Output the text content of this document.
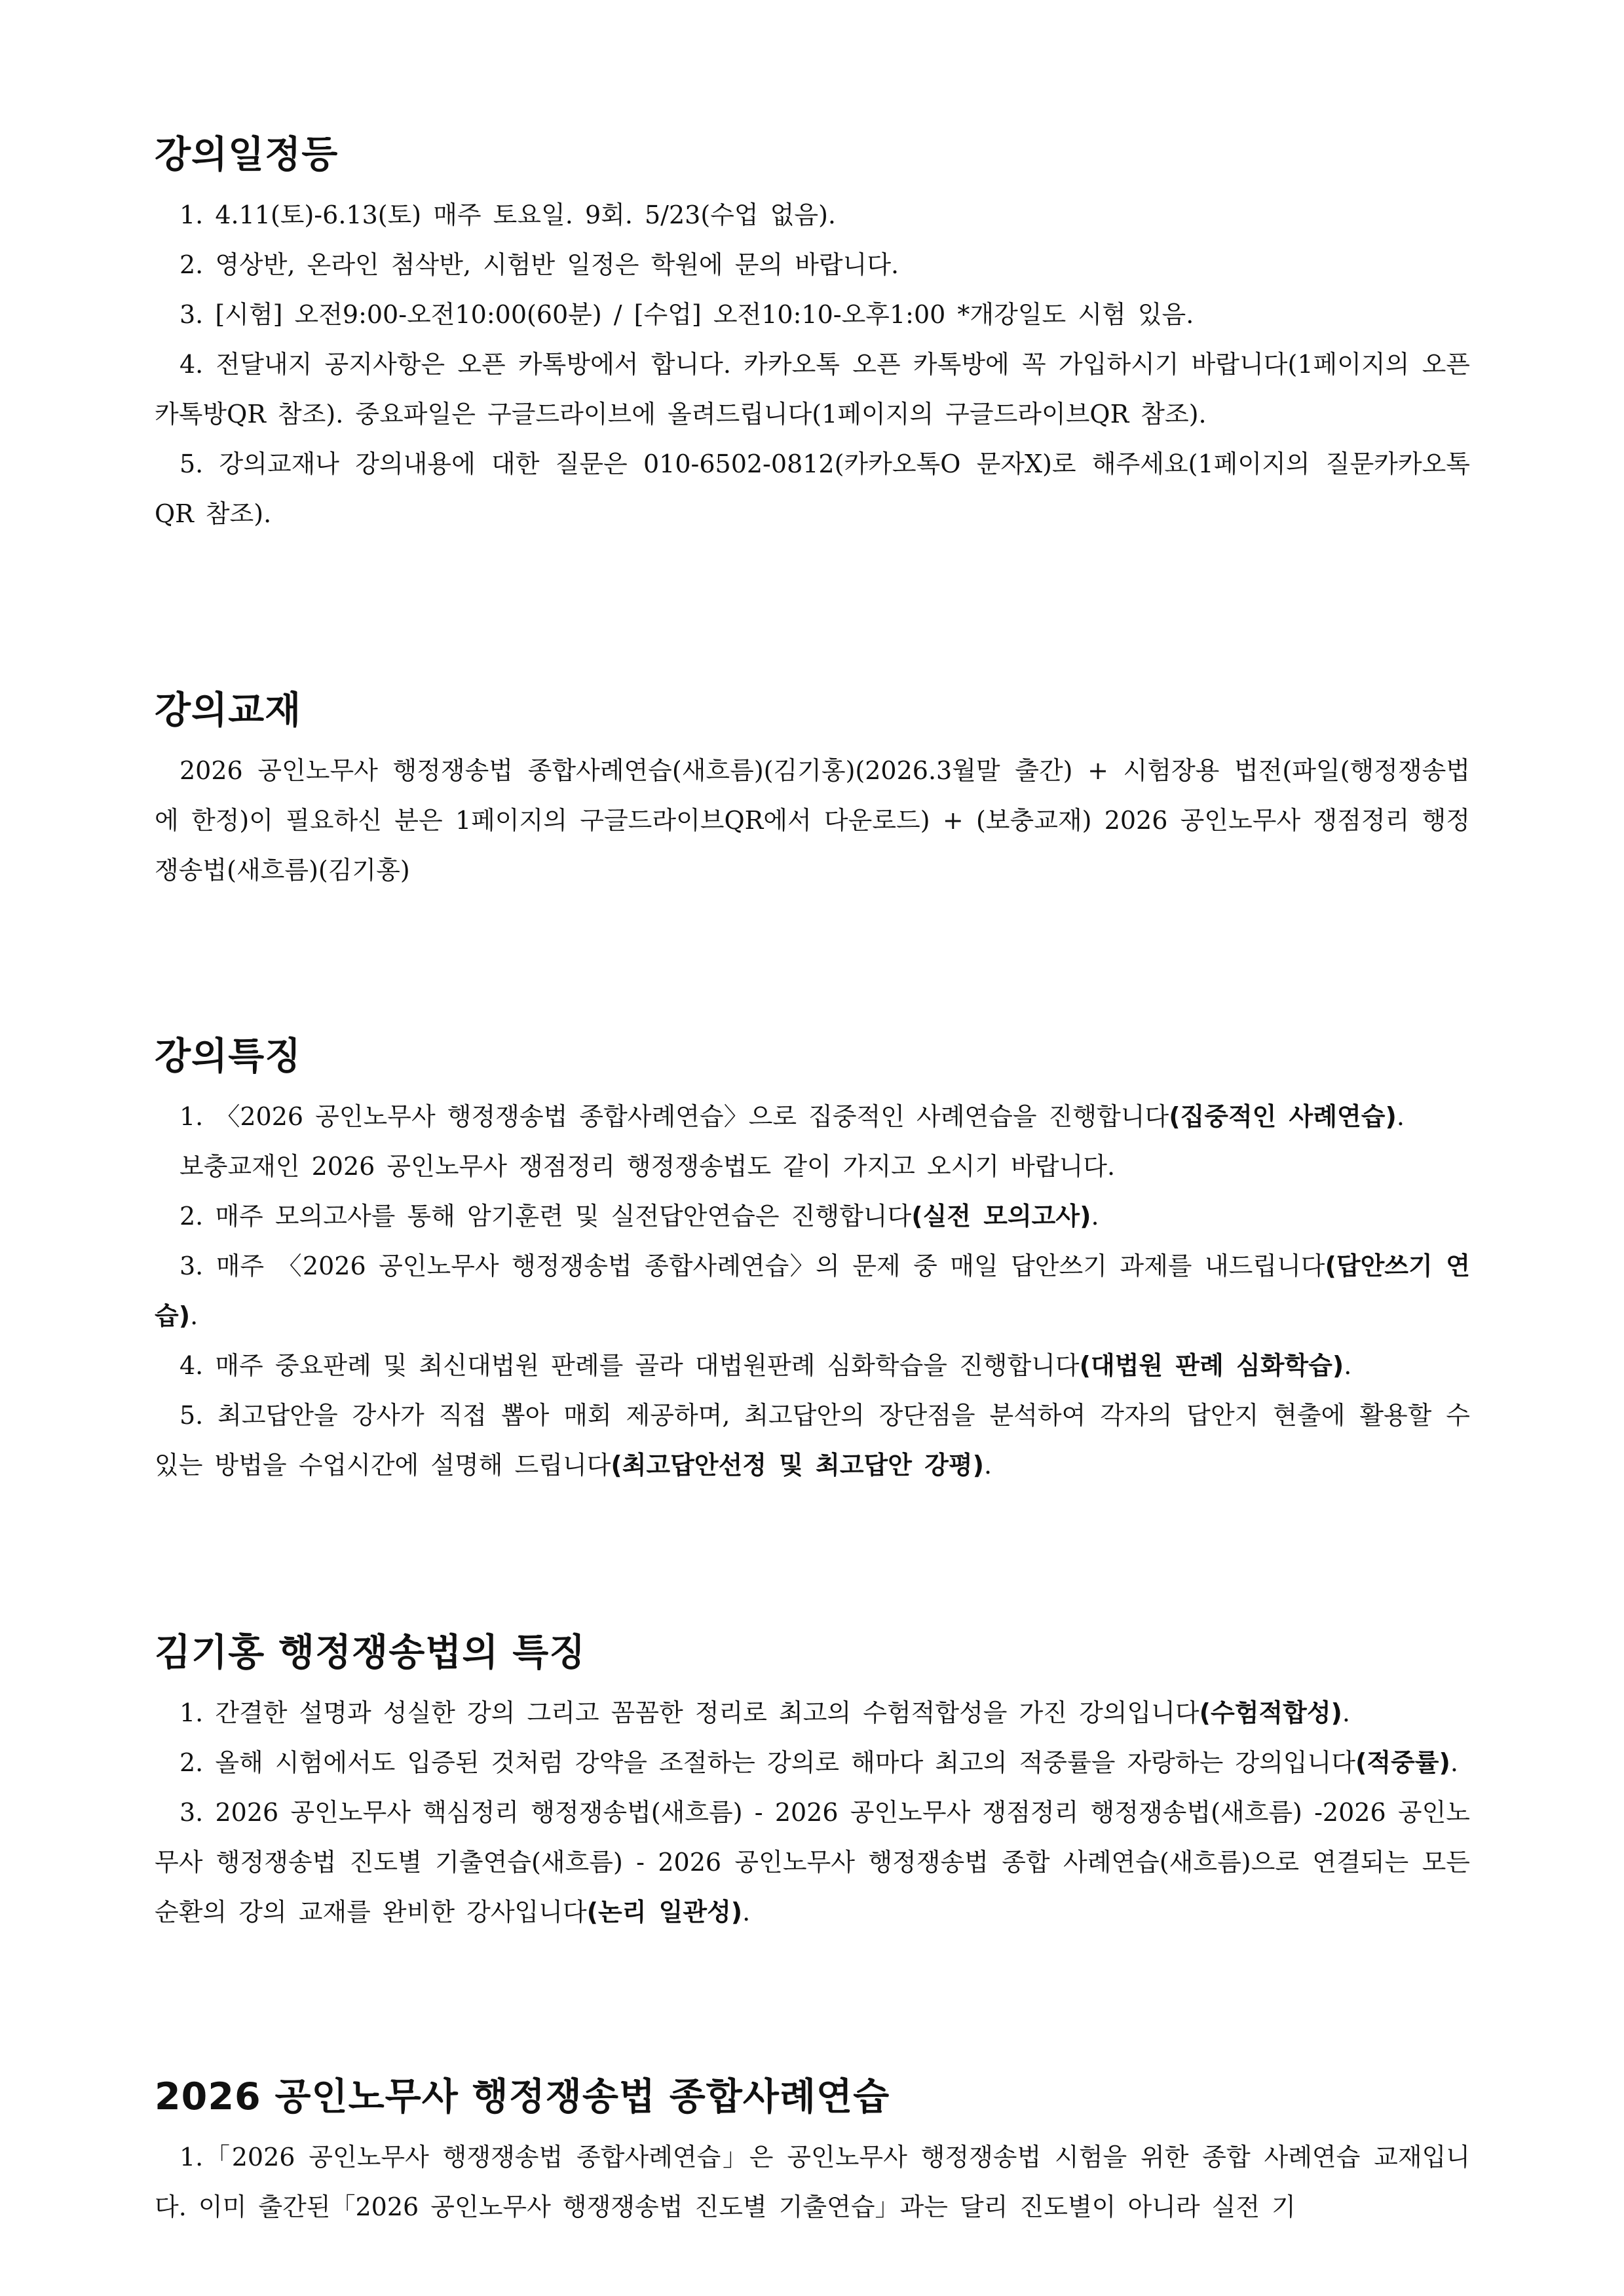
강의일정등

1. 4.11(토)-6.13(토) 매주 토요일. 9회. 5/23(수업 없음).

2. 영상반, 온라인 첨삭반, 시험반 일정은 학원에 문의 바랍니다.

3. [시험] 오전9:00-오전10:00(60분) / [수업] 오전10:10-오후1:00 *개강일도 시험 있음.

4. 전달내지 공지사항은 오픈 카톡방에서 합니다. 카카오톡 오픈 카톡방에 꼭 가입하시기 바랍니다(1페이지의 오픈카톡방QR 참조). 중요파일은 구글드라이브에 올려드립니다(1페이지의 구글드라이브QR 참조).

5. 강의교재나 강의내용에 대한 질문은 010-6502-0812(카카오톡O 문자X)로 해주세요(1페이지의 질문카카오톡QR 참조).

강의교재

2026 공인노무사 행정쟁송법 종합사례연습(새흐름)(김기홍)(2026.3월말 출간) + 시험장용 법전(파일(행정쟁송법에 한정)이 필요하신 분은 1페이지의 구글드라이브QR에서 다운로드) + (보충교재) 2026 공인노무사 쟁점정리 행정쟁송법(새흐름)(김기홍)

강의특징

1. 〈2026 공인노무사 행정쟁송법 종합사례연습〉으로 집중적인 사례연습을 진행합니다(집중적인 사례연습).

보충교재인 2026 공인노무사 쟁점정리 행정쟁송법도 같이 가지고 오시기 바랍니다.

2. 매주 모의고사를 통해 암기훈련 및 실전답안연습은 진행합니다(실전 모의고사).

3. 매주 〈2026 공인노무사 행정쟁송법 종합사례연습〉의 문제 중 매일 답안쓰기 과제를 내드립니다(답안쓰기 연습).

4. 매주 중요판례 및 최신대법원 판례를 골라 대법원판례 심화학습을 진행합니다(대법원 판례 심화학습).

5. 최고답안을 강사가 직접 뽑아 매회 제공하며, 최고답안의 장단점을 분석하여 각자의 답안지 현출에 활용할 수 있는 방법을 수업시간에 설명해 드립니다(최고답안선정 및 최고답안 강평).

김기홍 행정쟁송법의 특징

1. 간결한 설명과 성실한 강의 그리고 꼼꼼한 정리로 최고의 수험적합성을 가진 강의입니다(수험적합성).

2. 올해 시험에서도 입증된 것처럼 강약을 조절하는 강의로 해마다 최고의 적중률을 자랑하는 강의입니다(적중률).

3. 2026 공인노무사 핵심정리 행정쟁송법(새흐름) - 2026 공인노무사 쟁점정리 행정쟁송법(새흐름) -2026 공인노무사 행정쟁송법 진도별 기출연습(새흐름) - 2026 공인노무사 행정쟁송법 종합 사례연습(새흐름)으로 연결되는 모든 순환의 강의 교재를 완비한 강사입니다(논리 일관성).

2026 공인노무사 행정쟁송법 종합사례연습

1.「2026 공인노무사 행쟁쟁송법 종합사례연습」은 공인노무사 행정쟁송법 시험을 위한 종합 사례연습 교재입니다. 이미 출간된「2026 공인노무사 행쟁쟁송법 진도별 기출연습」과는 달리 진도별이 아니라 실전 기
